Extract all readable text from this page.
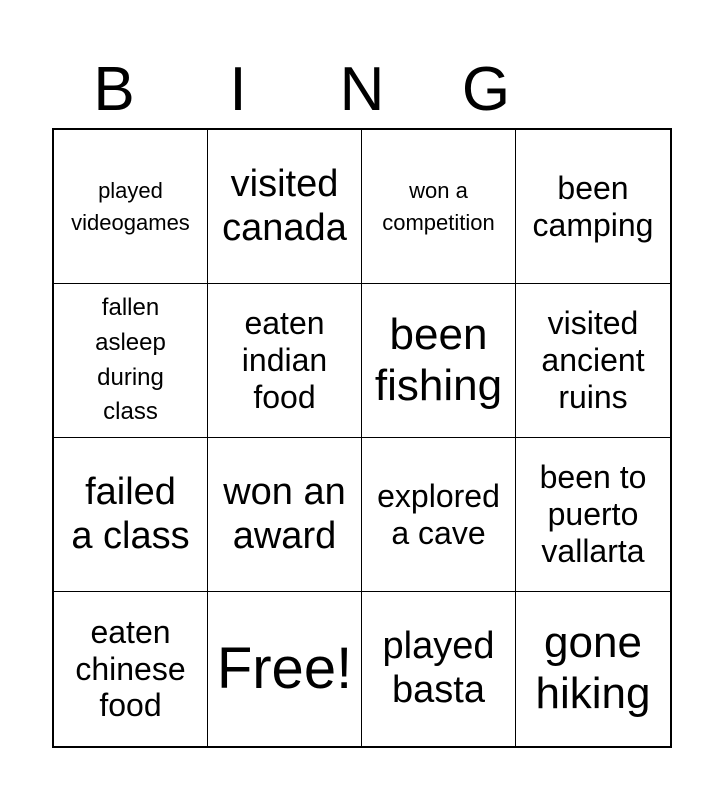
B	I	N	G
played
videogames
visited
canada
won a
competition
been
camping
fallen
asleep
during
class
eaten
indian
food
been
fishing
visited
ancient
ruins
failed
a class
won an
award
explored
a cave
been to
puerto
vallarta
eaten
chinese
food
Free! played
basta
gone
hiking
